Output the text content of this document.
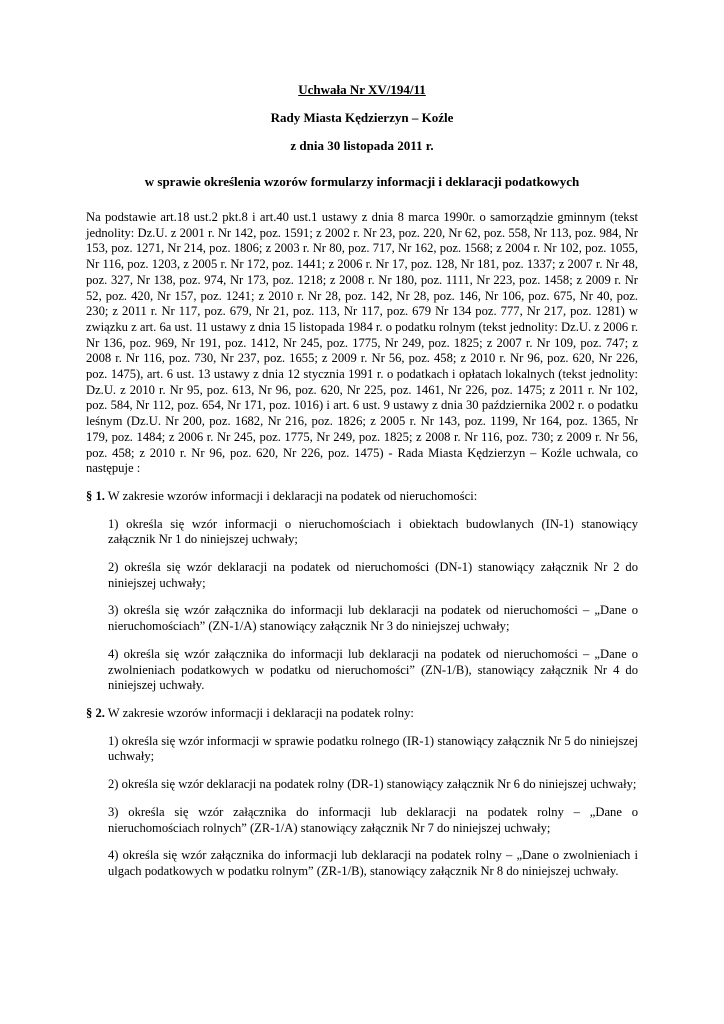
Uchwała Nr XV/194/11

Rady Miasta Kędzierzyn – Koźle

z dnia 30 listopada 2011 r.

w sprawie określenia wzorów formularzy informacji i deklaracji podatkowych

Na podstawie art.18 ust.2 pkt.8 i art.40 ust.1 ustawy z dnia 8 marca 1990r. o samorządzie gminnym (tekst jednolity: Dz.U. z 2001 r. Nr 142, poz. 1591; z 2002 r. Nr 23, poz. 220, Nr 62, poz. 558, Nr 113, poz. 984, Nr 153, poz. 1271, Nr 214, poz. 1806; z 2003 r. Nr 80, poz. 717, Nr 162, poz. 1568; z 2004 r. Nr 102, poz. 1055, Nr 116, poz. 1203, z 2005 r. Nr 172, poz. 1441; z 2006 r. Nr 17, poz. 128, Nr 181, poz. 1337; z 2007 r. Nr 48, poz. 327, Nr 138, poz. 974, Nr 173, poz. 1218; z 2008 r. Nr 180, poz. 1111, Nr 223, poz. 1458; z 2009 r. Nr 52, poz. 420, Nr 157, poz. 1241; z 2010 r. Nr 28, poz. 142, Nr 28, poz. 146, Nr 106, poz. 675, Nr 40, poz. 230; z 2011 r. Nr 117, poz. 679, Nr 21, poz. 113, Nr 117, poz. 679 Nr 134 poz. 777, Nr 217, poz. 1281) w związku z art. 6a ust. 11 ustawy z dnia 15 listopada 1984 r. o podatku rolnym (tekst jednolity: Dz.U. z 2006 r. Nr 136, poz. 969, Nr 191, poz. 1412, Nr 245, poz. 1775, Nr 249, poz. 1825; z 2007 r. Nr 109, poz. 747; z 2008 r. Nr 116, poz. 730, Nr 237, poz. 1655; z 2009 r. Nr 56, poz. 458; z 2010 r. Nr 96, poz. 620, Nr 226, poz. 1475), art. 6 ust. 13 ustawy z dnia 12 stycznia 1991 r. o podatkach i opłatach lokalnych (tekst jednolity: Dz.U. z 2010 r. Nr 95, poz. 613, Nr 96, poz. 620, Nr 225, poz. 1461, Nr 226, poz. 1475; z 2011 r. Nr 102, poz. 584, Nr 112, poz. 654, Nr 171, poz. 1016) i art. 6 ust. 9 ustawy z dnia 30 października 2002 r. o podatku leśnym (Dz.U. Nr 200, poz. 1682, Nr 216, poz. 1826; z 2005 r. Nr 143, poz. 1199, Nr 164, poz. 1365, Nr 179, poz. 1484; z 2006 r. Nr 245, poz. 1775, Nr 249, poz. 1825; z 2008 r. Nr 116, poz. 730; z 2009 r. Nr 56, poz. 458; z 2010 r. Nr 96, poz. 620, Nr 226, poz. 1475) - Rada Miasta Kędzierzyn – Koźle uchwala, co następuje :

§ 1. W zakresie wzorów informacji i deklaracji na podatek od nieruchomości:

1) określa się wzór informacji o nieruchomościach i obiektach budowlanych (IN-1) stanowiący załącznik Nr 1 do niniejszej uchwały;

2) określa się wzór deklaracji na podatek od nieruchomości (DN-1) stanowiący załącznik Nr 2 do niniejszej uchwały;

3) określa się wzór załącznika do informacji lub deklaracji na podatek od nieruchomości – „Dane o nieruchomościach” (ZN-1/A) stanowiący załącznik Nr 3 do niniejszej uchwały;

4) określa się wzór załącznika do informacji lub deklaracji na podatek od nieruchomości – „Dane o zwolnieniach podatkowych w podatku od nieruchomości” (ZN-1/B), stanowiący załącznik Nr 4 do niniejszej uchwały.

§ 2. W zakresie wzorów informacji i deklaracji na podatek rolny:

1) określa się wzór informacji w sprawie podatku rolnego (IR-1) stanowiący załącznik Nr 5 do niniejszej uchwały;

2) określa się wzór deklaracji na podatek rolny (DR-1) stanowiący załącznik Nr 6 do niniejszej uchwały;

3) określa się wzór załącznika do informacji lub deklaracji na podatek rolny – „Dane o nieruchomościach rolnych” (ZR-1/A) stanowiący załącznik Nr 7 do niniejszej uchwały;

4) określa się wzór załącznika do informacji lub deklaracji na podatek rolny – „Dane o zwolnieniach i ulgach podatkowych w podatku rolnym” (ZR-1/B), stanowiący załącznik Nr 8 do niniejszej uchwały.
